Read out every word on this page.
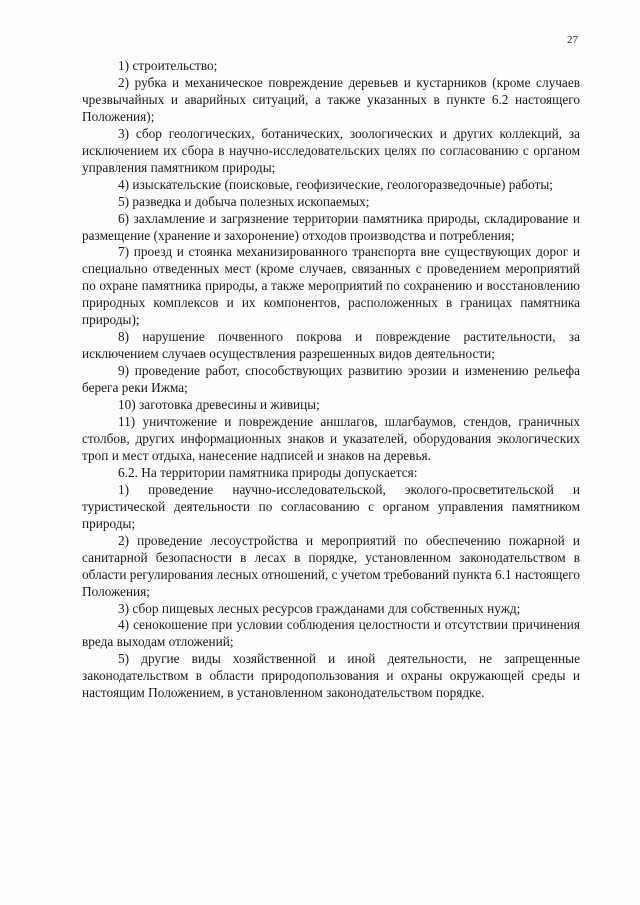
27

1) строительство;

2) рубка и механическое повреждение деревьев и кустарников (кроме случаев чрезвычайных и аварийных ситуаций, а также указанных в пункте 6.2 настоящего Положения);

3) сбор геологических, ботанических, зоологических и других коллекций, за исключением их сбора в научно-исследовательских целях по согласованию с органом управления памятником природы;

4) изыскательские (поисковые, геофизические, геологоразведочные) работы;

5) разведка и добыча полезных ископаемых;

6) захламление и загрязнение территории памятника природы, складирование и размещение (хранение и захоронение) отходов производства и потребления;

7) проезд и стоянка механизированного транспорта вне существующих дорог и специально отведенных мест (кроме случаев, связанных с проведением мероприятий по охране памятника природы, а также мероприятий по сохранению и восстановлению природных комплексов и их компонентов, расположенных в границах памятника природы);

8) нарушение почвенного покрова и повреждение растительности, за исключением случаев осуществления разрешенных видов деятельности;

9) проведение работ, способствующих развитию эрозии и изменению рельефа берега реки Ижма;

10) заготовка древесины и живицы;

11) уничтожение и повреждение аншлагов, шлагбаумов, стендов, граничных столбов, других информационных знаков и указателей, оборудования экологических троп и мест отдыха, нанесение надписей и знаков на деревья.

6.2. На территории памятника природы допускается:

1) проведение научно-исследовательской, эколого-просветительской и туристической деятельности по согласованию с органом управления памятником природы;

2) проведение лесоустройства и мероприятий по обеспечению пожарной и санитарной безопасности в лесах в порядке, установленном законодательством в области регулирования лесных отношений, с учетом требований пункта 6.1 настоящего Положения;

3) сбор пищевых лесных ресурсов гражданами для собственных нужд;

4) сенокошение при условии соблюдения целостности и отсутствии причинения вреда выходам отложений;

5) другие виды хозяйственной и иной деятельности, не запрещенные законодательством в области природопользования и охраны окружающей среды и настоящим Положением, в установленном законодательством порядке.
